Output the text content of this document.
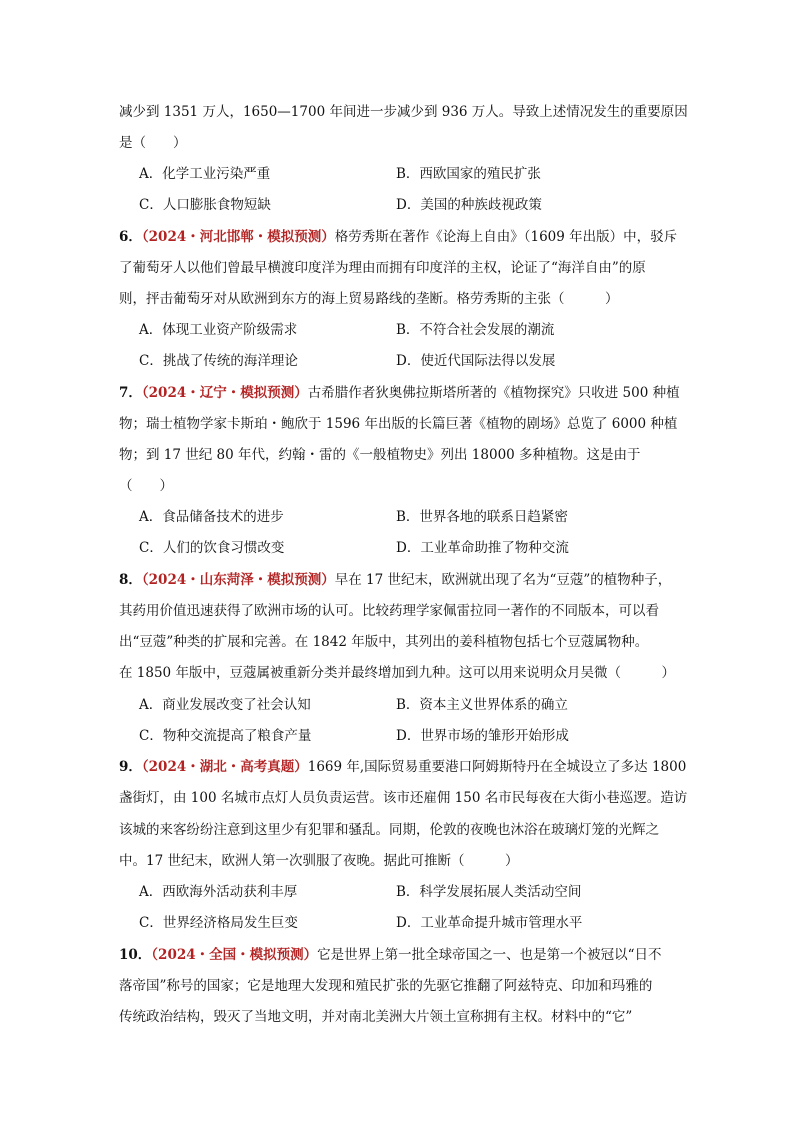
减少到 1351 万人，1650—1700 年间进一步减少到 936 万人。导致上述情况发生的重要原因
是（　　）
A．化学工业污染严重	B．西欧国家的殖民扩张
C．人口膨胀食物短缺	D．美国的种族歧视政策
6．（2024・河北邯郸・模拟预测）格劳秀斯在著作《论海上自由》（1609 年出版）中，驳斥
了葡萄牙人以他们曾最早横渡印度洋为理由而拥有印度洋的主权，论证了“海洋自由”的原
则，抨击葡萄牙对从欧洲到东方的海上贸易路线的垄断。格劳秀斯的主张（　　　）
A．体现工业资产阶级需求	B．不符合社会发展的潮流
C．挑战了传统的海洋理论	D．使近代国际法得以发展
7．（2024・辽宁・模拟预测）古希腊作者狄奥佛拉斯塔所著的《植物探究》只收进 500 种植
物；瑞士植物学家卡斯珀・鲍欣于 1596 年出版的长篇巨著《植物的剧场》总览了 6000 种植
物；到 17 世纪 80 年代，约翰・雷的《一般植物史》列出 18000 多种植物。这是由于
（　　）
A．食品储备技术的进步	B．世界各地的联系日趋紧密
C．人们的饮食习惯改变	D．工业革命助推了物种交流
8．（2024・山东菏泽・模拟预测）早在 17 世纪末，欧洲就出现了名为“豆蔻”的植物种子，
其药用价值迅速获得了欧洲市场的认可。比较药理学家佩雷拉同一著作的不同版本，可以看
出“豆蔻”种类的扩展和完善。在 1842 年版中，其列出的姜科植物包括七个豆蔻属物种。
在 1850 年版中，豆蔻属被重新分类并最终增加到九种。这可以用来说明众月吴微（　　　）
A．商业发展改变了社会认知	B．资本主义世界体系的确立
C．物种交流提高了粮食产量	D．世界市场的雏形开始形成
9．（2024・湖北・高考真题）1669 年,国际贸易重要港口阿姆斯特丹在全城设立了多达 1800
盏街灯，由 100 名城市点灯人员负责运营。该市还雇佣 150 名市民每夜在大街小巷巡逻。造访
该城的来客纷纷注意到这里少有犯罪和骚乱。同期，伦敦的夜晚也沐浴在玻璃灯笼的光辉之
中。17 世纪末，欧洲人第一次驯服了夜晚。据此可推断（　　　）
A．西欧海外活动获利丰厚	B．科学发展拓展人类活动空间
C．世界经济格局发生巨变	D．工业革命提升城市管理水平
10．（2024・全国・模拟预测）它是世界上第一批全球帝国之一、也是第一个被冠以“日不
落帝国”称号的国家；它是地理大发现和殖民扩张的先驱它推翻了阿兹特克、印加和玛雅的
传统政治结构，毁灭了当地文明，并对南北美洲大片领土宣称拥有主权。材料中的“它”
